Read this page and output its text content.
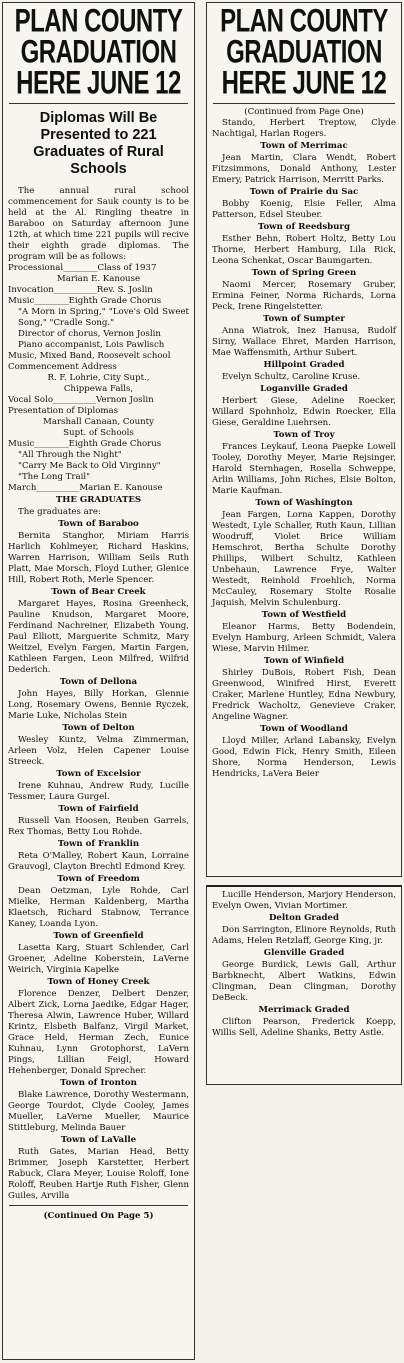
PLAN COUNTY
GRADUATION
HERE JUNE 12
Diplomas Will Be Presented to 221 Graduates of Rural Schools

The annual rural school commencement for Sauk county is to be held at the Al. Ringling theatre in Baraboo on Saturday afternoon June 12th, at which time 221 pupils will recive their eighth grade diplomas. The program will be as follows:

Processional________Class of 1937
Marian E. Kanouse
Invocation__________Rev. S. Joslin
Music________Eighth Grade Chorus
"A Morn in Spring," "Love's Old Sweet Song," "Cradle Song."
Director of chorus, Vernon Joslin
Piano accompanist, Lois Pawlisch
Music, Mixed Band, Roosevelt school
Commencement Address
R. F. Lohrie, City Supt.,
Chippewa Falls,
Vocal Solo__________Vernon Joslin
Presentation of Diplomas
Marshall Canaan, County
Supt. of Schools
Music________Eighth Grade Chorus
"All Through the Night"
"Carry Me Back to Old Virginny"
"The Long Trail"
March__________Marian E. Kanouse
THE GRADUATES

The graduates are:

Town of Baraboo

Bernita Stanghor, Miriam Harris Harlich Kohlmeyer, Richard Haskins, Warren Harrison, William Seils Ruth Platt, Mae Morsch, Floyd Luther, Glenice Hill, Robert Roth, Merle Spencer.

Town of Bear Creek

Margaret Hayes, Rosina Greenheck, Pauline Knudson, Margaret Moore, Ferdinand Nachreiner, Elizabeth Young, Paul Elliott, Marguerite Schmitz, Mary Weitzel, Evelyn Fargen, Martin Fargen, Kathleen Fargen, Leon Milfred, Wilfrid Dederich.

Town of Dellona

John Hayes, Billy Horkan, Glennie Long, Rosemary Owens, Bennie Ryczek, Marie Luke, Nicholas Stein

Town of Delton

Wesley Kuntz, Velma Zimmerman, Arleen Volz, Helen Capener Louise Streeck.

Town of Excelsior

Irene Kuhnau, Andrew Rudy, Lucille Tessmer, Laura Gurgel.

Town of Fairfield

Russell Van Hoosen, Reuben Garrels, Rex Thomas, Betty Lou Rohde.

Town of Franklin

Reta O'Malley, Robert Kaun, Lorraine Grauvogl, Clayton Brechtl Edmond Krey.

Town of Freedom

Dean Oetzman, Lyle Rohde, Carl Mielke, Herman Kaldenberg, Martha Klaetsch, Richard Stabnow, Terrance Kaney, Loanda Lyon.

Town of Greenfield

Lasetta Karg, Stuart Schlender, Carl Groener, Adeline Koberstein, LaVerne Weirich, Virginia Kapelke

Town of Honey Creek

Florence Denzer, Delbert Denzer, Albert Zick, Lorna Jaedike, Edgar Hager, Theresa Alwin, Lawrence Huber, Willard Krintz, Elsbeth Balfanz, Virgil Market, Grace Held, Herman Zech, Eunice Kuhnau, Lynn Grotophorst, LaVern Pings, Lillian Feigl, Howard Hehenberger, Donald Sprecher.

Town of Ironton

Blake Lawrence, Dorothy Westermann, George Tourdot, Clyde Cooley, James Mueller, LaVerne Mueller, Maurice Stittleburg, Melinda Bauer

Town of LaValle

Ruth Gates, Marian Head, Betty Brimmer, Joseph Karstetter, Herbert Rabuck, Clara Meyer, Louise Roloff, Ione Roloff, Reuben Hartje Ruth Fisher, Glenn Guiles, Arvilla

(Continued On Page 5)
PLAN COUNTY
GRADUATION
HERE JUNE 12
(Continued from Page One)

Stando, Herbert Treptow, Clyde Nachtigal, Harlan Rogers.

Town of Merrimac

Jean Martin, Clara Wendt, Robert Fitzsimmons, Donald Anthony, Lester Emery, Patrick Harrison, Merritt Parks.

Town of Prairie du Sac

Bobby Koenig, Elsie Feller, Alma Patterson, Edsel Steuber.

Town of Reedsburg

Esther Behn, Robert Holtz, Betty Lou Thorne, Herbert Hamburg, Lila Rick, Leona Schenkat, Oscar Baumgarten.

Town of Spring Green

Naomi Mercer, Rosemary Gruber, Ermina Feiner, Norma Richards, Lorna Peck, Irene Ringelstetter.

Town of Sumpter

Anna Wiatrok, Inez Hanusa, Rudolf Sirny, Wallace Ehret, Marden Harrison, Mae Waffensmith, Arthur Subert.

Hillpoint Graded

Evelyn Schultz, Caroline Kruse.

Loganville Graded

Herbert Giese, Adeline Roecker, Willard Spohnholz, Edwin Roecker, Ella Giese, Geraldine Luehrsen.

Town of Troy

Frances Leykauf, Leona Paepke Lowell Tooley, Dorothy Meyer, Marie Rejsinger, Harold Sternhagen, Rosella Schweppe, Arlin Williams, John Riches, Elsie Bolton, Marie Kaufman.

Town of Washington

Jean Fargen, Lorna Kappen, Dorothy Westedt, Lyle Schaller, Ruth Kaun, Lillian Woodruff, Violet Brice William Hemschrot, Bertha Schulte Dorothy Phillips, Wilbert Schultz, Kathleen Unbehaun, Lawrence Frye, Walter Westedt, Reinhold Froehlich, Norma McCauley, Rosemary Stolte Rosalie Jaquish, Melvin Schulenburg.

Town of Westfield

Eleanor Harms, Betty Bodendein, Evelyn Hamburg, Arleen Schmidt, Valera Wiese, Marvin Hilmer.

Town of Winfield

Shirley DuBois, Robert Fish, Dean Greenwood, Winifred Hirst, Everett Craker, Marlene Huntley, Edna Newbury, Fredrick Wacholtz, Genevieve Craker, Angeline Wagner.

Town of Woodland

Lloyd Miller, Arland Labansky, Evelyn Good, Edwin Fick, Henry Smith, Eileen Shore, Norma Henderson, Lewis Hendricks, LaVera Beier

Lucille Henderson, Marjory Henderson, Evelyn Owen, Vivian Mortimer.

Delton Graded

Don Sarrington, Elinore Reynolds, Ruth Adams, Helen Retzlaff, George King, jr.

Glenville Graded

George Burdick, Lewis Gall, Arthur Barbknecht, Albert Watkins, Edwin Clingman, Dean Clingman, Dorothy DeBeck.

Merrimack Graded

Clifton Pearson, Frederick Koepp, Willis Sell, Adeline Shanks, Betty Astle.
